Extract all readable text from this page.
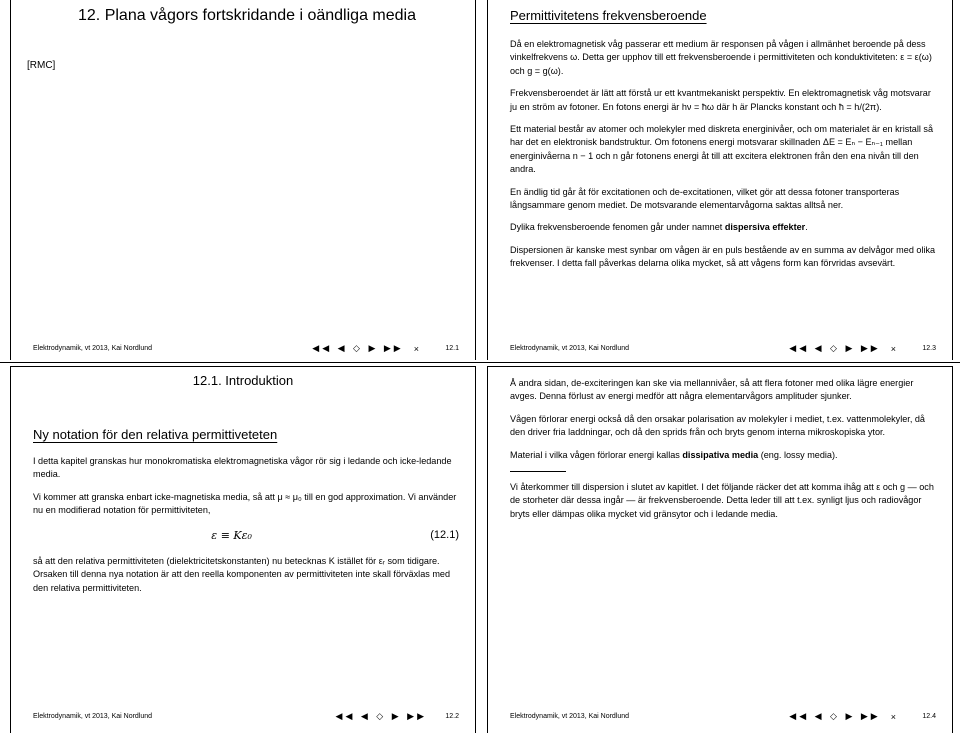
[RMC]
12. Plana vågors fortskridande i oändliga media
Elektrodynamik, vt 2013, Kai Nordlund	◀◀ ◀ ◇ ▶ ▶▶ ×	12.1
Permittivitetens frekvensberoende

Då en elektromagnetisk våg passerar ett medium är responsen på vågen i allmänhet beroende på dess vinkelfrekvens ω. Detta ger upphov till ett frekvensberoende i permittiviteten och konduktiviteten: ε = ε(ω) och g = g(ω).

Frekvensberoendet är lätt att förstå ur ett kvantmekaniskt perspektiv. En elektromagnetisk våg motsvarar ju en ström av fotoner. En fotons energi är hν = ħω där h är Plancks konstant och ħ = h/(2π).

Ett material består av atomer och molekyler med diskreta energinivåer, och om materialet är en kristall så har det en elektronisk bandstruktur. Om fotonens energi motsvarar skillnaden ΔE = Eₙ − Eₙ₋₁ mellan energinivåerna n − 1 och n går fotonens energi åt till att excitera elektronen från den ena nivån till den andra.

En ändlig tid går åt för excitationen och de-excitationen, vilket gör att dessa fotoner transporteras långsammare genom mediet. De motsvarande elementarvågorna saktas alltså ner.

Dylika frekvensberoende fenomen går under namnet dispersiva effekter.

Dispersionen är kanske mest synbar om vågen är en puls bestående av en summa av delvågor med olika frekvenser. I detta fall påverkas delarna olika mycket, så att vågens form kan förvridas avsevärt.

Elektrodynamik, vt 2013, Kai Nordlund	◀◀ ◀ ◇ ▶ ▶▶ ×	12.3
12.1. Introduktion
Ny notation för den relativa permittiveteten

I detta kapitel granskas hur monokromatiska elektromagnetiska vågor rör sig i ledande och icke-ledande media.

Vi kommer att granska enbart icke-magnetiska media, så att μ ≈ μ₀ till en god approximation. Vi använder nu en modifierad notation för permittiviteten,

ε ≡ Kε₀	(12.1)

så att den relativa permittiviteten (dielektricitetskonstanten) nu betecknas K istället för εᵣ som tidigare. Orsaken till denna nya notation är att den reella komponenten av permittiviteten inte skall förväxlas med den relativa permittiviteten.

Elektrodynamik, vt 2013, Kai Nordlund	◀◀ ◀ ◇ ▶ ▶▶	12.2

Å andra sidan, de-exciteringen kan ske via mellannivåer, så att flera fotoner med olika lägre energier avges. Denna förlust av energi medför att några elementarvågors amplituder sjunker.

Vågen förlorar energi också då den orsakar polarisation av molekyler i mediet, t.ex. vattenmolekyler, då den driver fria laddningar, och då den sprids från och bryts genom interna mikroskopiska ytor.

Material i vilka vågen förlorar energi kallas dissipativa media (eng. lossy media).

Vi återkommer till dispersion i slutet av kapitlet. I det följande räcker det att komma ihåg att ε och g — och de storheter där dessa ingår — är frekvensberoende. Detta leder till att t.ex. synligt ljus och radiovågor bryts eller dämpas olika mycket vid gränsytor och i ledande media.

Elektrodynamik, vt 2013, Kai Nordlund	◀◀ ◀ ◇ ▶ ▶▶ ×	12.4
